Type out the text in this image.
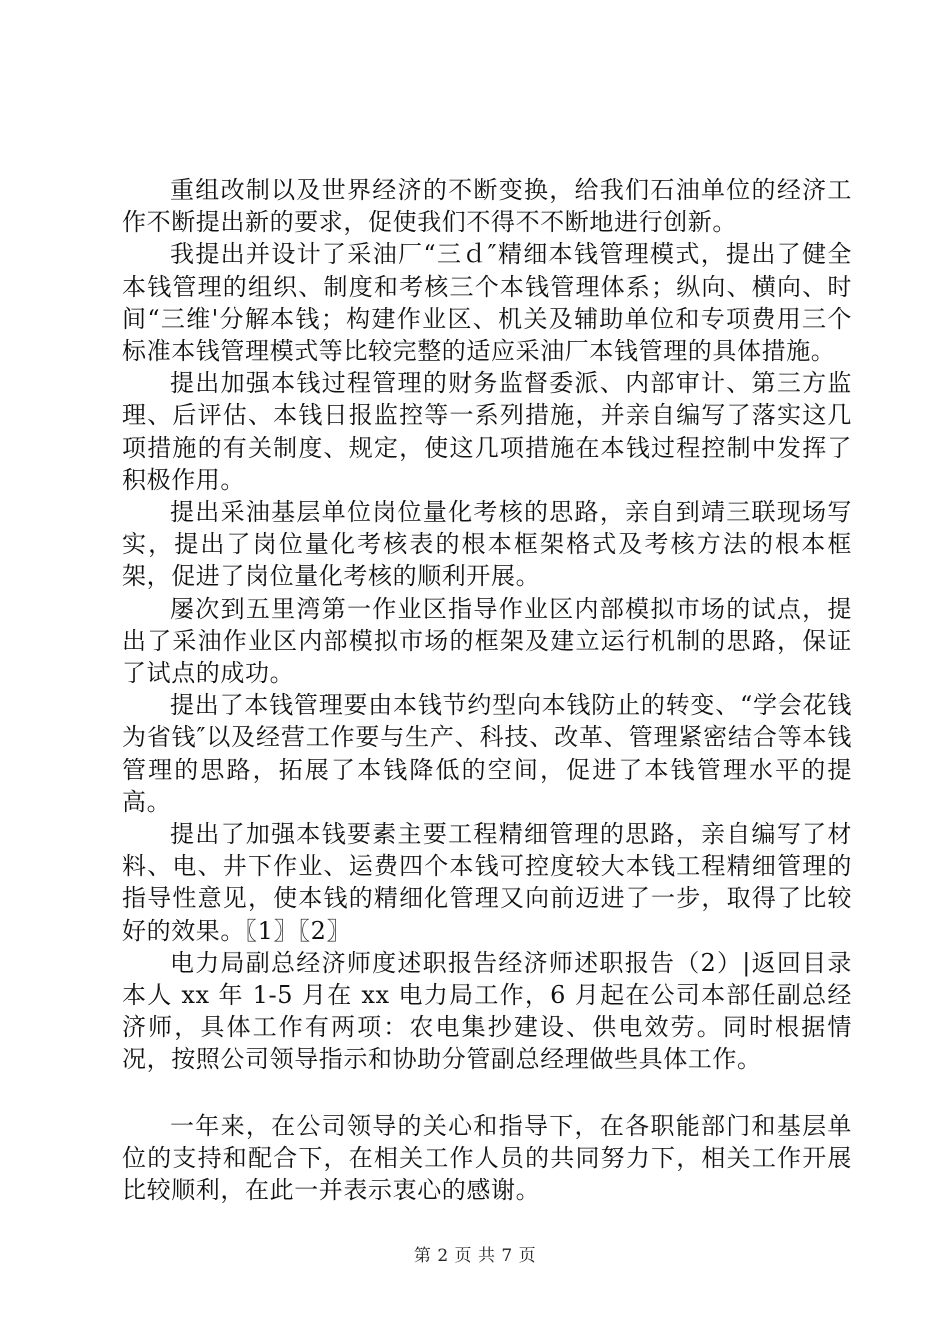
重组改制以及世界经济的不断变换，给我们石油单位的经济工作不断提出新的要求，促使我们不得不不断地进行创新。

我提出并设计了采油厂“三ｄ″精细本钱管理模式，提出了健全本钱管理的组织、制度和考核三个本钱管理体系；纵向、横向、时间“三维'分解本钱；构建作业区、机关及辅助单位和专项费用三个标准本钱管理模式等比较完整的适应采油厂本钱管理的具体措施。

提出加强本钱过程管理的财务监督委派、内部审计、第三方监理、后评估、本钱日报监控等一系列措施，并亲自编写了落实这几项措施的有关制度、规定，使这几项措施在本钱过程控制中发挥了积极作用。

提出采油基层单位岗位量化考核的思路，亲自到靖三联现场写实，提出了岗位量化考核表的根本框架格式及考核方法的根本框架，促进了岗位量化考核的顺利开展。

屡次到五里湾第一作业区指导作业区内部模拟市场的试点，提出了采油作业区内部模拟市场的框架及建立运行机制的思路，保证了试点的成功。

提出了本钱管理要由本钱节约型向本钱防止的转变、“学会花钱为省钱″以及经营工作要与生产、科技、改革、管理紧密结合等本钱管理的思路，拓展了本钱降低的空间，促进了本钱管理水平的提高。

提出了加强本钱要素主要工程精细管理的思路，亲自编写了材料、电、井下作业、运费四个本钱可控度较大本钱工程精细管理的指导性意见，使本钱的精细化管理又向前迈进了一步，取得了比较好的效果。〖1〗〖2〗

电力局副总经济师度述职报告经济师述职报告（2）|返回目录本人 xx 年 1-5 月在 xx 电力局工作，6 月起在公司本部任副总经济师，具体工作有两项：农电集抄建设、供电效劳。同时根据情况，按照公司领导指示和协助分管副总经理做些具体工作。

一年来，在公司领导的关心和指导下，在各职能部门和基层单位的支持和配合下，在相关工作人员的共同努力下，相关工作开展比较顺利，在此一并表示衷心的感谢。

第 2 页 共 7 页
